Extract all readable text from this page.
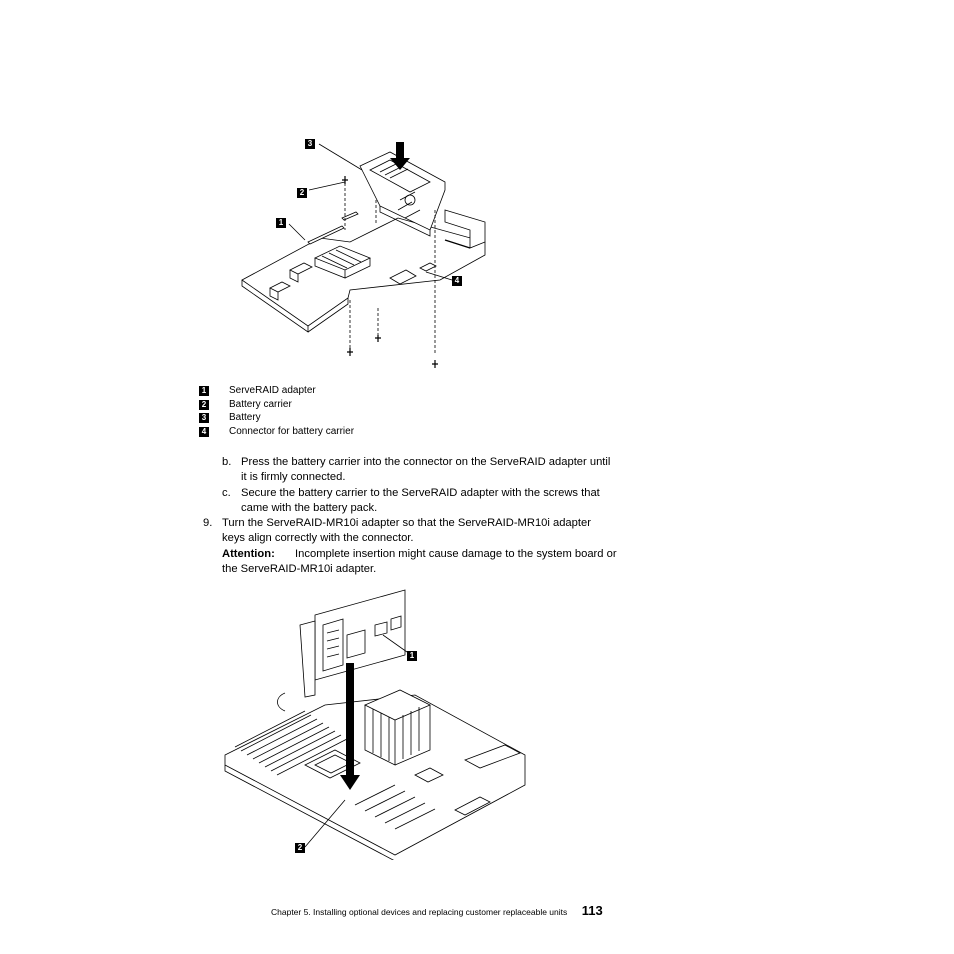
3
2
1
4
1 ServeRAID adapter
2 Battery carrier
3 Battery
4 Connector for battery carrier
b. Press the battery carrier into the connector on the ServeRAID adapter until
it is firmly connected.
c. Secure the battery carrier to the ServeRAID adapter with the screws that
came with the battery pack.
9. Turn the ServeRAID-MR10i adapter so that the ServeRAID-MR10i adapter
keys align correctly with the connector.
Attention: Incomplete insertion might cause damage to the system board or
the ServeRAID-MR10i adapter.
1
2
Chapter 5. Installing optional devices and replacing customer replaceable units 113
